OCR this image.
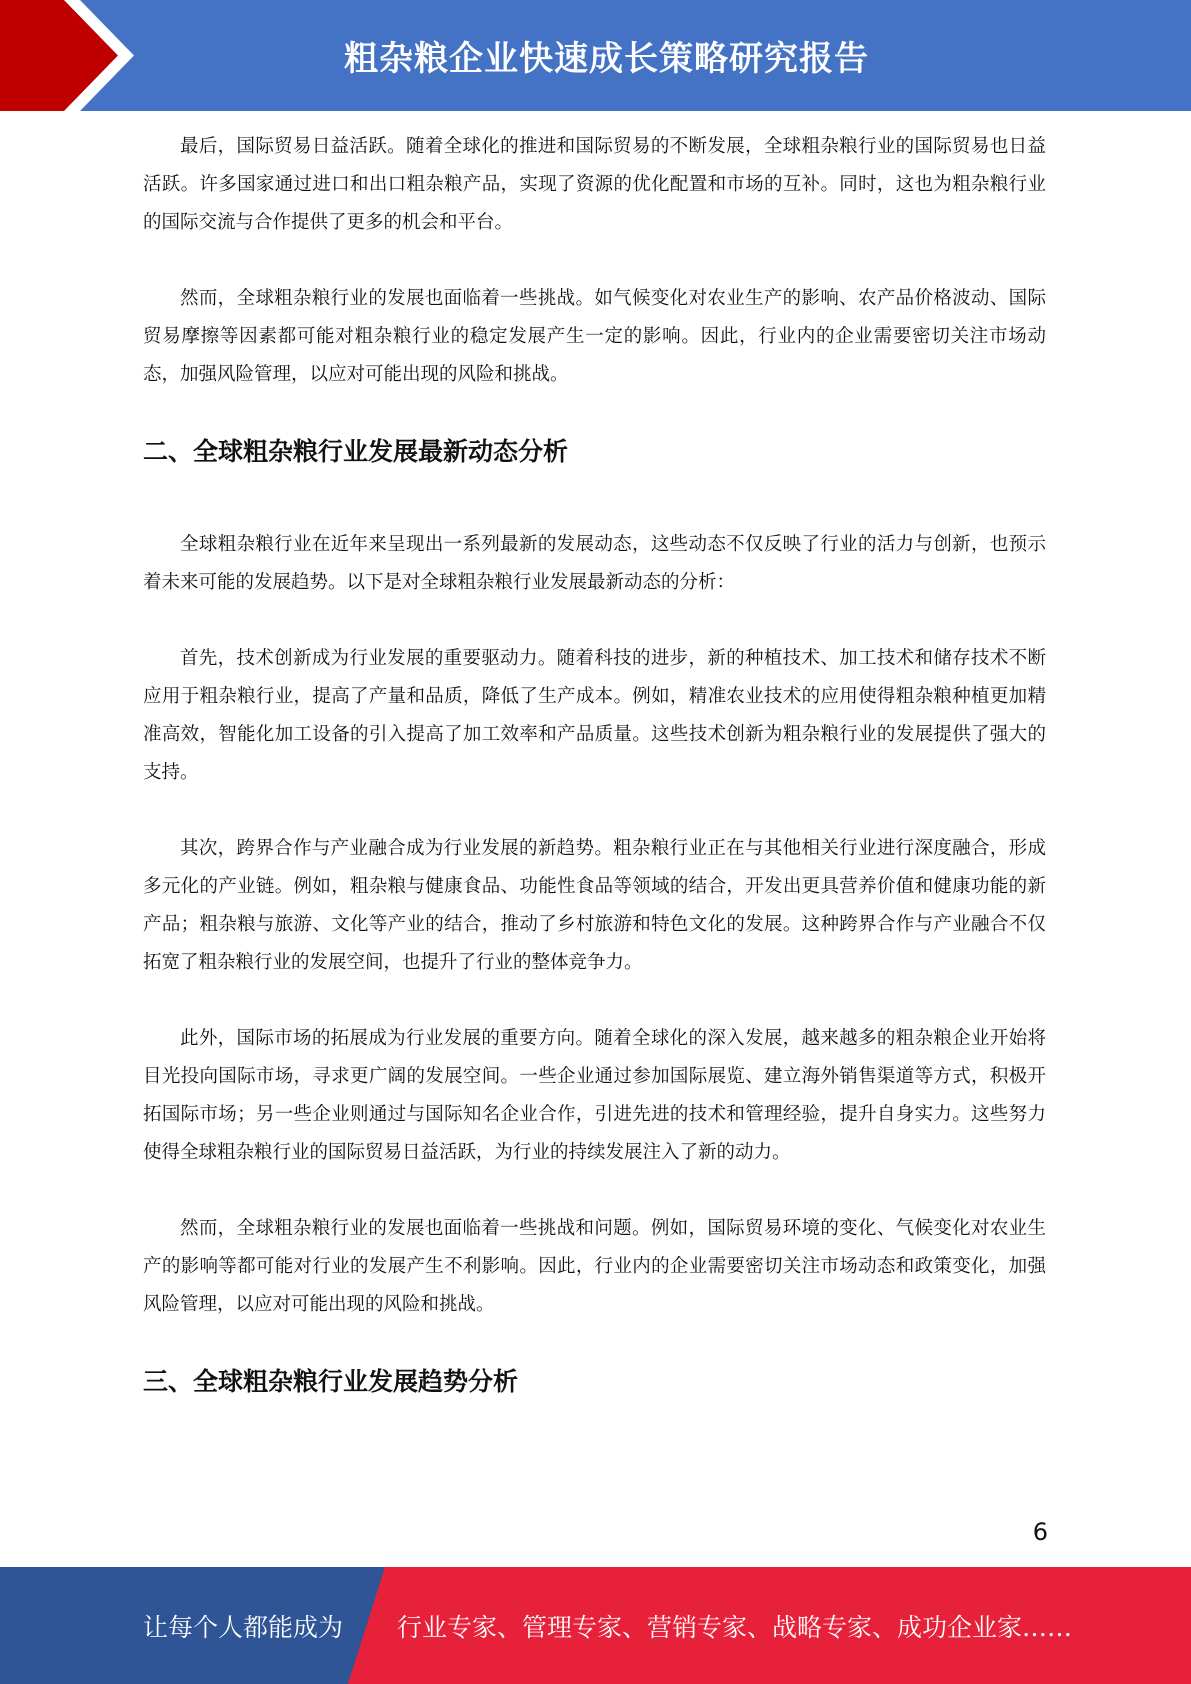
粗杂粮企业快速成长策略研究报告

最后，国际贸易日益活跃。随着全球化的推进和国际贸易的不断发展，全球粗杂粮行业的国际贸易也日益活跃。许多国家通过进口和出口粗杂粮产品，实现了资源的优化配置和市场的互补。同时，这也为粗杂粮行业的国际交流与合作提供了更多的机会和平台。

然而，全球粗杂粮行业的发展也面临着一些挑战。如气候变化对农业生产的影响、农产品价格波动、国际贸易摩擦等因素都可能对粗杂粮行业的稳定发展产生一定的影响。因此，行业内的企业需要密切关注市场动态，加强风险管理，以应对可能出现的风险和挑战。

二、全球粗杂粮行业发展最新动态分析

全球粗杂粮行业在近年来呈现出一系列最新的发展动态，这些动态不仅反映了行业的活力与创新，也预示着未来可能的发展趋势。以下是对全球粗杂粮行业发展最新动态的分析：

首先，技术创新成为行业发展的重要驱动力。随着科技的进步，新的种植技术、加工技术和储存技术不断应用于粗杂粮行业，提高了产量和品质，降低了生产成本。例如，精准农业技术的应用使得粗杂粮种植更加精准高效，智能化加工设备的引入提高了加工效率和产品质量。这些技术创新为粗杂粮行业的发展提供了强大的支持。

其次，跨界合作与产业融合成为行业发展的新趋势。粗杂粮行业正在与其他相关行业进行深度融合，形成多元化的产业链。例如，粗杂粮与健康食品、功能性食品等领域的结合，开发出更具营养价值和健康功能的新产品；粗杂粮与旅游、文化等产业的结合，推动了乡村旅游和特色文化的发展。这种跨界合作与产业融合不仅拓宽了粗杂粮行业的发展空间，也提升了行业的整体竞争力。

此外，国际市场的拓展成为行业发展的重要方向。随着全球化的深入发展，越来越多的粗杂粮企业开始将目光投向国际市场，寻求更广阔的发展空间。一些企业通过参加国际展览、建立海外销售渠道等方式，积极开拓国际市场；另一些企业则通过与国际知名企业合作，引进先进的技术和管理经验，提升自身实力。这些努力使得全球粗杂粮行业的国际贸易日益活跃，为行业的持续发展注入了新的动力。

然而，全球粗杂粮行业的发展也面临着一些挑战和问题。例如，国际贸易环境的变化、气候变化对农业生产的影响等都可能对行业的发展产生不利影响。因此，行业内的企业需要密切关注市场动态和政策变化，加强风险管理，以应对可能出现的风险和挑战。

三、全球粗杂粮行业发展趋势分析
6
让每个人都能成为 行业专家、管理专家、营销专家、战略专家、成功企业家……
